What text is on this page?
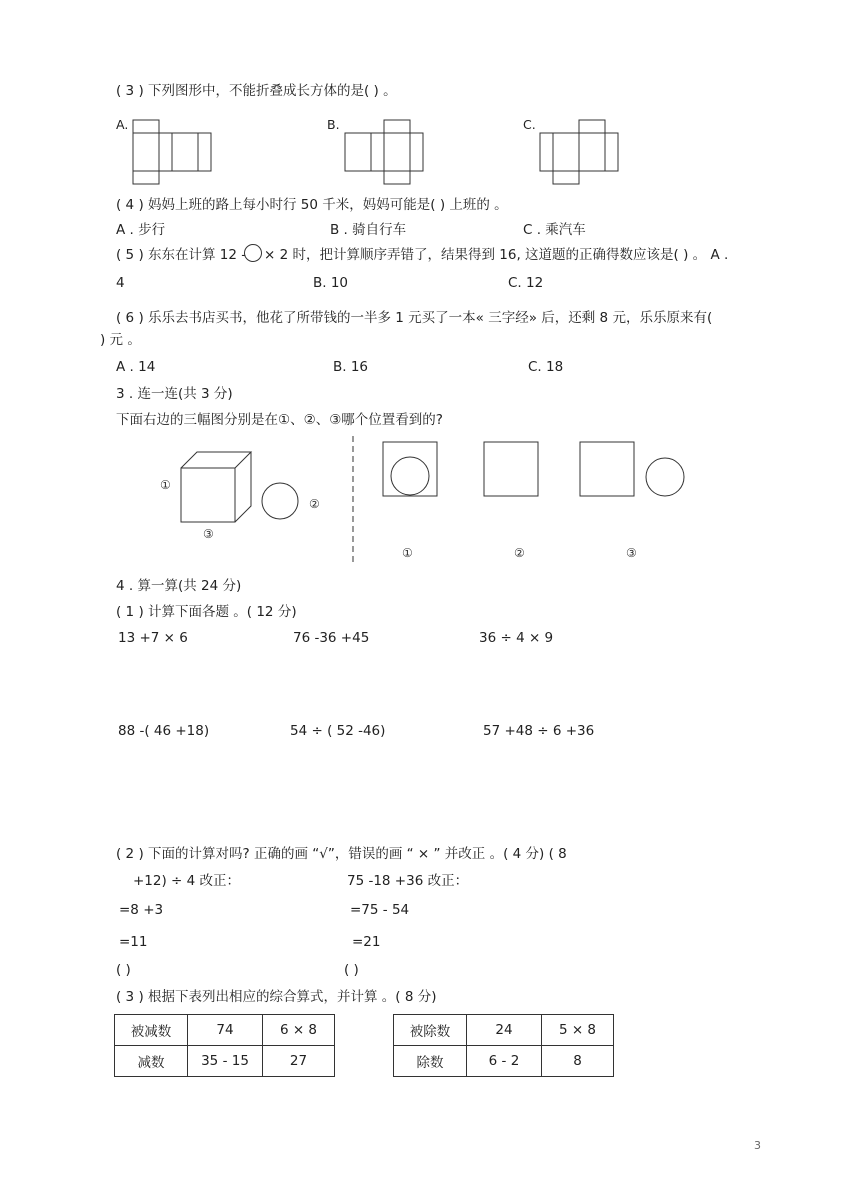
( 3 ) 下列图形中，不能折叠成长方体的是( ) 。
A.	B.	C.
( 4 ) 妈妈上班的路上每小时行 50 千米，妈妈可能是( ) 上班的 。
A . 步行	B . 骑自行车	C . 乘汽车
( 5 ) 东东在计算 12 - × 2 时，把计算顺序弄错了，结果得到 16, 这道题的正确得数应该是( ) 。 A .
4	B. 10	C. 12
( 6 ) 乐乐去书店买书，他花了所带钱的一半多 1 元买了一本« 三字经» 后，还剩 8 元，乐乐原来有(
) 元 。
A . 14	B. 16	C. 18
3 . 连一连(共 3 分)
下面右边的三幅图分别是在①、②、③哪个位置看到的?
①
②
③
①	②	③
4 . 算一算(共 24 分)
( 1 ) 计算下面各题 。( 12 分)
13 +7 × 6	76 -36 +45	36 ÷ 4 × 9
88 -( 46 +18)	54 ÷ ( 52 -46)	57 +48 ÷ 6 +36
( 2 ) 下面的计算对吗? 正确的画 “√”，错误的画 “ × ” 并改正 。( 4 分) ( 8
+12) ÷ 4 改正：
=8 +3
=11
( )
75 -18 +36 改正：
=75 - 54
=21
( )
( 3 ) 根据下表列出相应的综合算式，并计算 。( 8 分)
被减数	74	6 × 8
减数	35 - 15	27
被除数	24	5 × 8
除数	6 - 2	8
3
